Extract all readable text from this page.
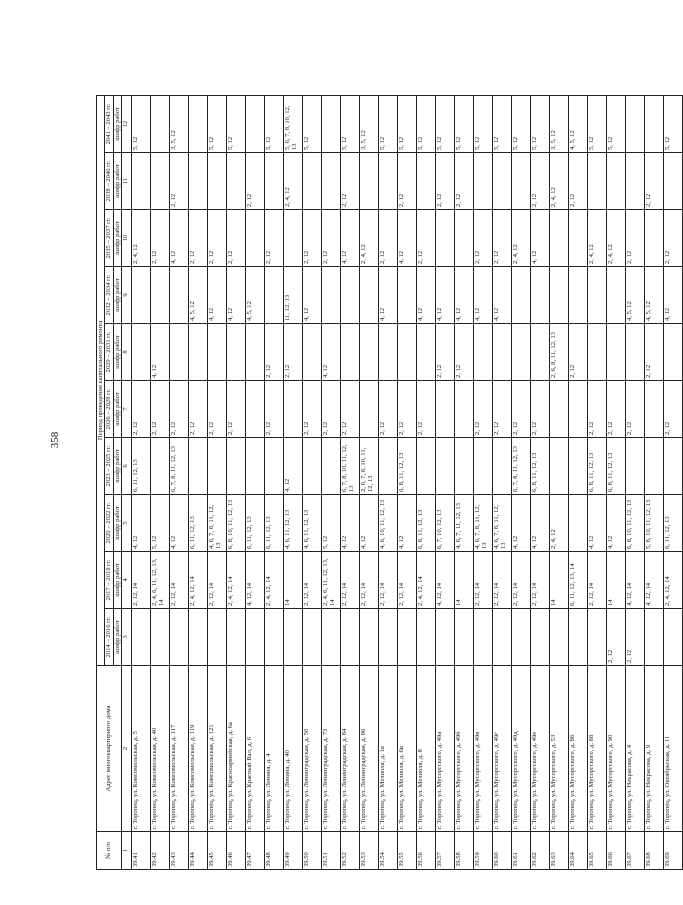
358
№ п/п	Адрес многоквартирного дома	Период проведения капитального ремонта									
		2014 – 2016 гг.	2017 – 2019 гг.	2020 – 2022 гг.	2023 – 2025 гг.	2026 – 2028 гг.	2029 – 2031 гг.	2032 – 2034 гг.	2035 – 2037 гг.	2038 – 2040 гг.	2041 – 2043 гг.
		шифр работ	шифр работ	шифр работ	шифр работ	шифр работ	шифр работ	шифр работ	шифр работ	шифр работ	шифр работ
1	2	3	4	5	6	7	8	9	10	11	12
39.41	г. Торопец, ул. Комсомольская, д. 5		2, 12, 14	4, 12	6, 11, 12, 13	2, 12			2, 4, 12		5, 12
39.42	г. Торопец, ул. Комсомольская, д. 40		2, 4, 6, 11, 12, 13, 14	5, 12		2, 12	4, 12		2, 12		
39.43	г. Торопец, ул. Комсомольская, д. 117		2, 12, 14	4, 12	6, 7, 8, 11, 12, 13	2, 12			4, 12	2, 12	3, 5, 12
39.44	г. Торопец, ул. Комсомольская, д. 119		2, 4, 12, 14	6, 11, 12, 13		2, 12		4, 5, 12	2, 12		
39.45	г. Торопец, ул. Комсомольская, д. 121		2, 12, 14	4, 6, 7, 8, 11, 12, 13		2, 12		4, 12	2, 12		5, 12
39.46	г. Торопец, ул. Красноармейская, д. 6а		2, 4, 12, 14	6, 8, 10, 11, 12, 13		2, 12		4, 12	2, 12		5, 12
39.47	г. Торопец, ул. Красный Вал, д. 6		4, 12, 14	6, 11, 12, 13				4, 5, 12		2, 12	
39.48	г. Торопец, ул. Ленина, д. 4		2, 4, 12, 14	6, 11, 12, 13		2, 12	2, 12		2, 12		5, 12
39.49	г. Торопец, ул. Ленина, д. 40		14	4, 6, 11, 12, 13	4, 12		2, 12	11, 12, 13		2, 4, 12	5, 6, 7, 8, 10, 12, 13
39.50	г. Торопец, ул. Ленинградская, д. 50		2, 12, 14	4, 6, 11, 12, 13		2, 12		4, 12	2, 12		5, 12
39.51	г. Торопец, ул. Ленинградская, д. 73		2, 4, 6, 11, 12, 13, 14	5, 12		2, 12	4, 12		2, 12		
39.52	г. Торопец, ул. Ленинградская, д. 84		2, 12, 14	4, 12	6, 7, 8, 10, 11, 12, 13	2, 12			4, 12	2, 12	5, 12
39.53	г. Торопец, ул. Ленинградская, д. 86		2, 12, 14	4, 12	2, 6, 7, 8, 10, 11, 12, 13				2, 4, 12		3, 5, 12
39.54	г. Торопец, ул. Мелиоля, д. 1в		2, 12, 14	4, 6, 10, 11, 12, 13		2, 12		4, 12	2, 12		5, 12
39.55	г. Торопец, ул. Мелиоля, д. 6в		2, 12, 14	4, 12	6, 8, 11, 12, 13	2, 12			4, 12	2, 12	5, 12
39.56	г. Торопец, ул. Мелиоля, д. 8		2, 4, 12, 14	6, 8, 11, 12, 13		2, 12		4, 12	2, 12		5, 12
39.57	г. Торопец, ул. Мусоргского, д. 49а		4, 12, 14	6, 7, 10, 12, 13			2, 12	4, 12		2, 12	5, 12
39.58	г. Торопец, ул. Мусоргского, д. 49б		14	4, 6, 7, 11, 12, 13			2, 12	4, 12		2, 12	5, 12
39.59	г. Торопец, ул. Мусоргского, д. 49в		2, 12, 14	4, 6, 7, 8, 11, 12, 13		2, 12		4, 12	2, 12		5, 12
39.60	г. Торопец, ул. Мусоргского, д. 49г		2, 12, 14	4, 6, 7, 8, 11, 12, 13		2, 12		4, 12	2, 12		5, 12
39.61	г. Торопец, ул. Мусоргского, д. 49д		2, 12, 14	4, 12	6, 7, 8, 11, 12, 13	2, 12			2, 4, 12		5, 12
39.62	г. Торопец, ул. Мусоргского, д. 49е		2, 12, 14	4, 12	6, 8, 11, 12, 13	2, 12			4, 12	2, 12	5, 12
39.63	г. Торопец, ул. Мусоргского, д. 53		14	2, 4, 12			2, 6, 8, 11, 12, 13			2, 4, 12	3, 5, 12
39.64	г. Торопец, ул. Мусоргского, д. 86		6, 11, 12, 13, 14				2, 12			2, 12	4, 5, 12
39.65	г. Торопец, ул. Мусоргского, д. 88		2, 12, 14	4, 12	6, 8, 11, 12, 13	2, 12			2, 4, 12		5, 12
39.66	г. Торопец, ул. Мусоргского, д. 90	2, 12	14	4, 12	6, 8, 11, 12, 13	2, 12			2, 4, 12		5, 12
39.67	г. Торопец, ул. Некрасова, д. 4	2, 12	4, 12, 14	6, 8, 10, 11, 12, 13		2, 12		4, 5, 12	2, 12		
39.68	г. Торопец, ул. Некрасова, д. 9		4, 12, 14	5, 8, 10, 11, 12, 13			2, 12	4, 5, 12		2, 12	
39.69	г. Торопец, ул. Октябрьская, д. 11		2, 4, 12, 14	6, 11, 12, 13		2, 12		4, 12	2, 12		5, 12
